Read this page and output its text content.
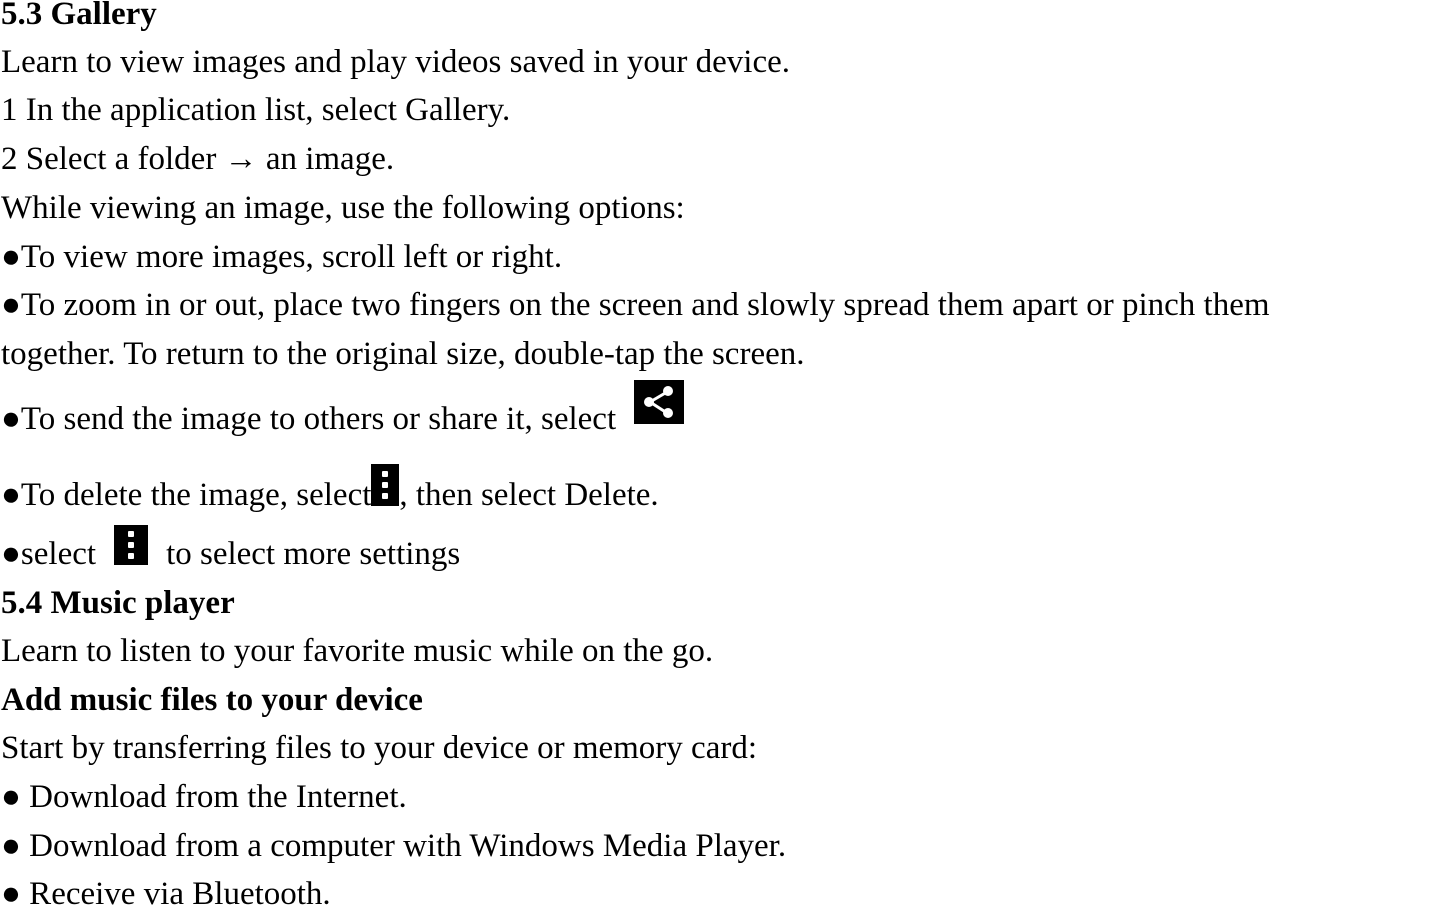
5.3 Gallery
Learn to view images and play videos saved in your device.
1 In the application list, select Gallery.
2 Select a folder → an image.
While viewing an image, use the following options:
●To view more images, scroll left or right.
●To zoom in or out, place two fingers on the screen and slowly spread them apart or pinch them
together. To return to the original size, double-tap the screen.
●To send the image to others or share it, select
●To delete the image, select , then select Delete.
●select to select more settings
5.4 Music player
Learn to listen to your favorite music while on the go.
Add music files to your device
Start by transferring files to your device or memory card:
● Download from the Internet.
● Download from a computer with Windows Media Player.
● Receive via Bluetooth.
